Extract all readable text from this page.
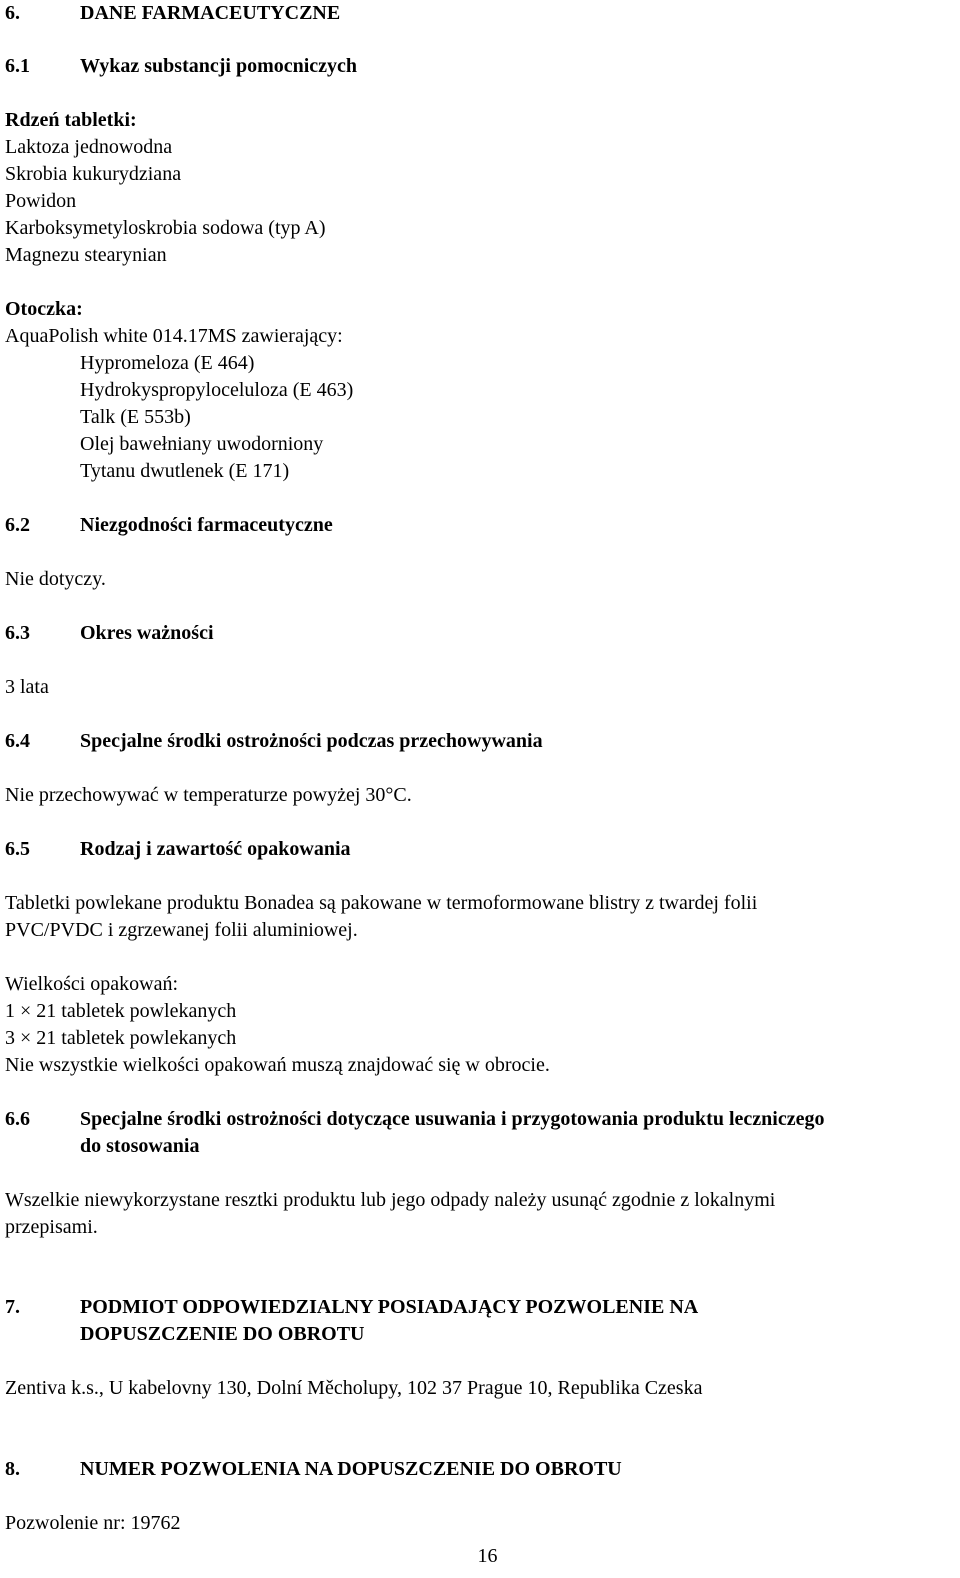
6.	DANE FARMACEUTYCZNE
6.1	Wykaz substancji pomocniczych
Rdzeń tabletki:
Laktoza jednowodna
Skrobia kukurydziana
Powidon
Karboksymetyloskrobia sodowa (typ A)
Magnezu stearynian
Otoczka:
AquaPolish white 014.17MS zawierający:
Hypromeloza (E 464)
Hydrokyspropyloceluloza (E 463)
Talk (E 553b)
Olej bawełniany uwodorniony
Tytanu dwutlenek (E 171)
6.2	Niezgodności farmaceutyczne
Nie dotyczy.
6.3	Okres ważności
3 lata
6.4	Specjalne środki ostrożności podczas przechowywania
Nie przechowywać w temperaturze powyżej 30°C.
6.5	Rodzaj i zawartość opakowania
Tabletki powlekane produktu Bonadea są pakowane w termoformowane blistry z twardej folii
PVC/PVDC i zgrzewanej folii aluminiowej.
Wielkości opakowań:
1 × 21 tabletek powlekanych
3 × 21 tabletek powlekanych
Nie wszystkie wielkości opakowań muszą znajdować się w obrocie.
6.6	Specjalne środki ostrożności dotyczące usuwania i przygotowania produktu leczniczego
do stosowania
Wszelkie niewykorzystane resztki produktu lub jego odpady należy usunąć zgodnie z lokalnymi
przepisami.
7.	PODMIOT ODPOWIEDZIALNY POSIADAJĄCY POZWOLENIE NA
DOPUSZCZENIE DO OBROTU
Zentiva k.s., U kabelovny 130, Dolní Měcholupy, 102 37 Prague 10, Republika Czeska
8.	NUMER POZWOLENIA NA DOPUSZCZENIE DO OBROTU
Pozwolenie nr: 19762
16
